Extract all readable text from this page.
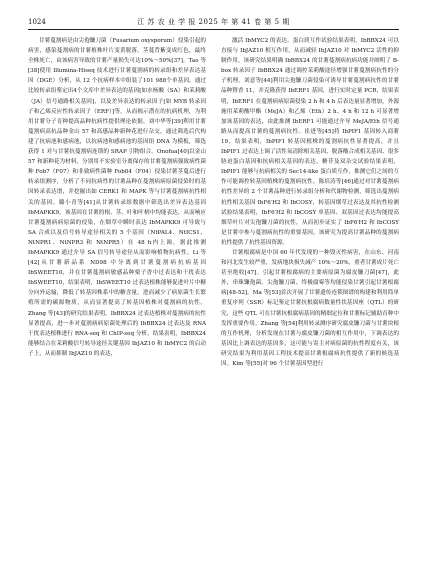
1024	江 苏 农 业 学 报 2025 年 第 41 卷 第 5 期

甘薯蔓割病是由尖孢镰刀菌（Fusarium oxysporum）侵染引起的病害，感染蔓割病的甘薯植株叶片变黄脱落，茎蔓背紫变成红色，最终全株死亡，由该病害导致的甘薯产量损失可达10%～50%[37]。Tao 等[38]使用 Illumina-Hiseq 技术进行甘薯蔓割病的转录组和差异表达基因（DGE）分析，从 12 个抗病样本中组装了101 988个单基因，通过比较转录组鉴定出4个文库中差异表达的基因[如水杨酸（SA）和茉莉酸（JA）信号通路相关基因]，以及差异表达的转录因子[如 MYB 转录因子和乙烯反应性转录因子（ERF）]等，从而揭示潜在的抗病机理，为利用甘薯分子育种提高品种抗病性提供理论依据。刘中华等[39]利用甘薯蔓割病高抗品种金山 57 和高感品种新种花进行杂交，通过筛选后代构建了抗病池和感病池，以抗病池和感病池的基因组 DNA 为模板，筛选获得 1 对与甘薯抗蔓割病连锁的 SRAP 引物组合。Onofua[40]以金山 57 和新种花为材料，分别用不实验室分离保存的甘薯蔓割病强致病性菌种 Fob7（F07）和非致病性菌种 Fob04（F04）侵染甘薯茎蔓后进行转录组测序，分析了不同抗病性的甘薯品种在蔓割病病原菌侵染时的基因转录表达谱，并挖掘出如 CERK1 和 MAPK 等与甘薯蔓割病抗性相关的基因。璐小青等[41]从甘薯转录组数据中筛选出差异表达基因 IbMAPKK9，该基因在甘薯的根、茎、叶和叶柄中均能表达，从而响应甘薯蔓割病病原菌的侵染，在烟草中瞬时表达 IbMAPKK9 可导致与 SA 合成以及信号转导途径相关的 5 个基因（NtPAL4、NtICS1、NtNPR1、NtNPR3 和 NtNPR5）在 48 h内上调，据此推测 IbMAPKK9 通过介导 SA 信号转导途径从而影响植物抗病性。Li 等[42]从甘薯新品系 ND98 中分离到甘薯蔓割病抗病基因 IbSWEET10，并在甘薯蔓割病敏感品种栗子香中过表达和干扰表达 IbSWEET10，结果表明，IbSWEET10 过表达植株能够促进叶片中糖分向外运输，降低了转基因株系中的糖含量，进而减少了病原菌生长繁殖所需的碳源物质，从而显著提高了转基因植株对蔓割病的抗性。Zhang 等[43]的研究结果表明，IbBBX24 过表达植株对蔓割病的抗性显著提高，进一步对蔓割病病原菌处理后的 IbBBX24 过表达及 RNA 干扰表达植株进行 RNA-seq 和 ChIP-seq 分析，结果表明，IbBBX24 能够结合在茉莉酸信号转导途径关键基因 IbJAZ10 和 IbMYC2 的启动子上，从而抑制 IbJAZ10 的表达，

激活 IbMYC2 的表达。蛋白质互作试验结果表明，IbBBX24 可以直接与 IbJAZ10 相互作用，从而减轻 IbJAZ10 对 IbMYC2 活性的抑制作用，该研究结果明确 IbBBX24 的甘薯蔓割病抗病功能并阐明了 B-box 转录因子 IbBBX24 通过调控茉莉酸途径增强甘薯蔓割病抗性的分子机理。刘意等[44]利用尖孢镰刀菌侵染可诱导甘薯蔓割病抗性的甘薯品种暨香 11，并克隆获得 IbERF1 基因，进行实时定量 PCR，结果表明，IbERF1 在蔓割病病原菌侵染 2 h 和 4 h 后表达量显著增加，外源施用茉莉酸甲酯（MeJA）和乙烯（Eth）2 h、4 h 和 12 h 可显著增加该基因的表达，由此推测 IbERF1 可能通过介导 MeJA/Eth 信号通路从而提高甘薯的蔓割病抗性。崔进等[45]将 IbPIF1 基因转入商薯 19，结果表明，IbPIF1 转基因植株的蔓割病抗性显著提高，并且 IbPIF1 过表达上调了活性氧清除相关基因、脱落酸合成相关基因、很多胁迫蛋白基因和抗病相关基因的表达，糖苷及双杂交试验结果表明，IbPIF1 能够与抗病相关的 Sec14-like 蛋白质互作，推测它们之间的互作可能调控转基因植株的蔓割病抗性。陈培涛等[46]通过对甘薯蔓割病抗性差异的 2 个甘薯品种进行转录组分析和代谢物检测，筛选出蔓割病抗性相关基因 IbF6′H2 和 IbCOSY，转基因烟草过表达及其抗性检测试验结果表明，IbF6′H2 和 IbCOSY 单基因、双基因过表达均能提高烟草叶片对尖孢镰刀菌的抗性，从而初步证实了 IbF6′H2 和 IbCOSY 是甘薯中参与蔓割病抗性的重要基因，该研究为提高甘薯品种的蔓割病抗性提供了抗性基因资源。

甘薯根腐病是中国 60 年代发现的一种毁灭性病害，在山东、河南和河北发生较严重，发病地块损失减产 10%～20%，重者甘薯成片死亡甚至绝收[47]。引起甘薯根腐病的主要病原菌为腐皮镰刀菌[47]，此外，串珠镰孢菌、尖孢镰刀菌、终极腐霉等均能侵染甘薯引起甘薯根腐病[48-52]。Ma 等[53]首次开展了甘薯遗传连锁图谱的构建和利用简单重复序列（SSR）标记鉴定甘薯抗根腐病数量性状基因座（QTL）的研究，这些 QTL 可在甘薯抗根腐病基因的精细定位和甘薯标记辅助育种中发挥重要作用。Zhang 等[54]利用转录测序研究腐皮镰刀菌与甘薯块根的互作机理，分析发现在甘薯与腐皮镰刀菌的相互作用中，下调表达的基因比上调表达的基因多，这可能与寄主对病原菌的抗性程度有关，该研究结果为利用基因工程技术提高甘薯根腐病抗性提供了新的候选基因。Kim 等[55]对 96 个甘薯基因型进行
